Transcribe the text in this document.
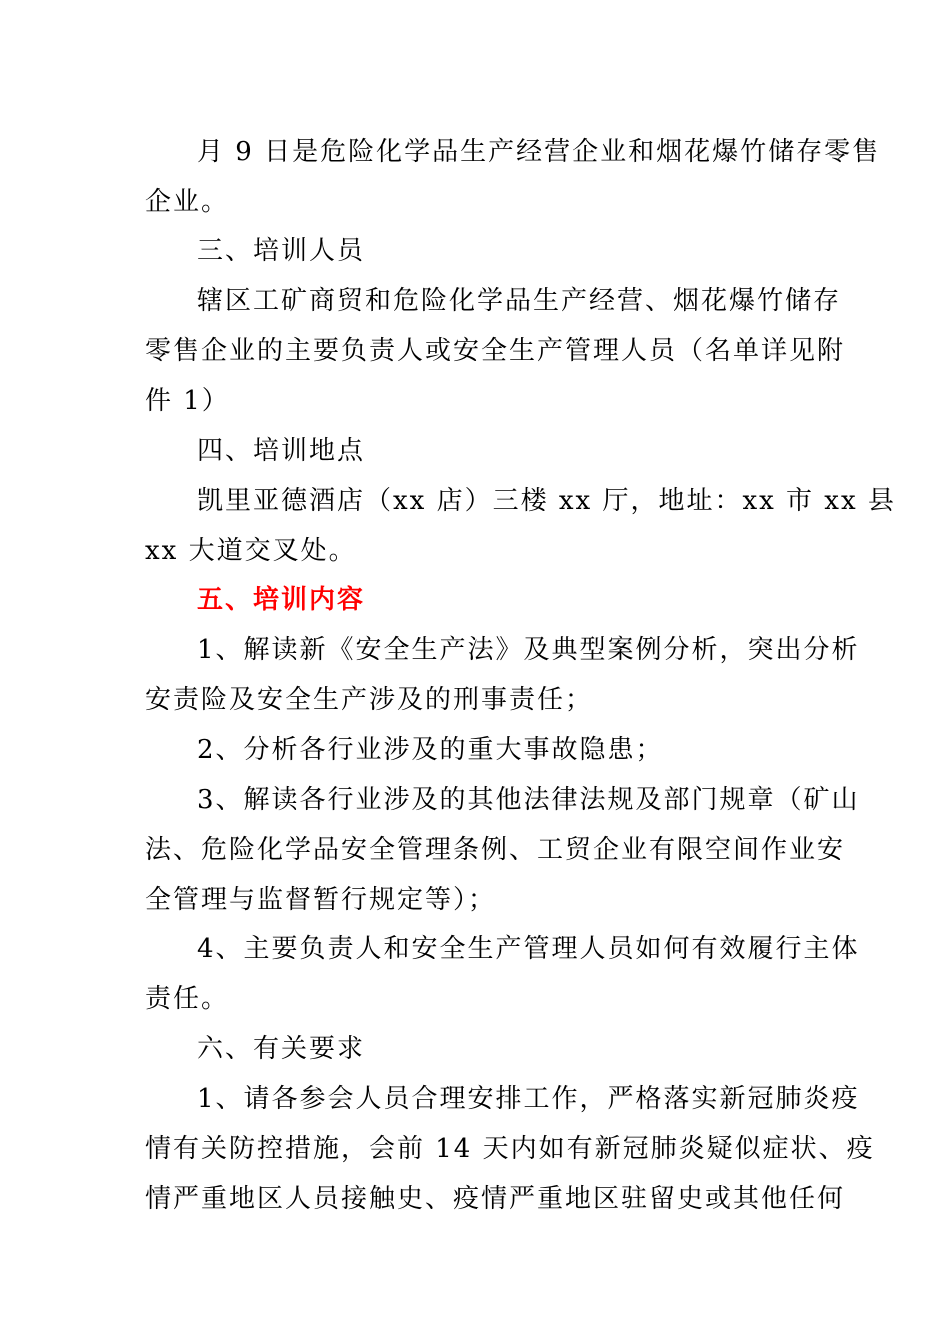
月 9 日是危险化学品生产经营企业和烟花爆竹储存零售
企业。
三、培训人员
辖区工矿商贸和危险化学品生产经营、烟花爆竹储存
零售企业的主要负责人或安全生产管理人员（名单详见附
件 1）
四、培训地点
凯里亚德酒店（xx 店）三楼 xx 厅，地址：xx 市 xx 县
xx 大道交叉处。
五、培训内容
1、解读新《安全生产法》及典型案例分析，突出分析
安责险及安全生产涉及的刑事责任；
2、分析各行业涉及的重大事故隐患；
3、解读各行业涉及的其他法律法规及部门规章（矿山
法、危险化学品安全管理条例、工贸企业有限空间作业安
全管理与监督暂行规定等）；
4、主要负责人和安全生产管理人员如何有效履行主体
责任。
六、有关要求
1、请各参会人员合理安排工作，严格落实新冠肺炎疫
情有关防控措施，会前 14 天内如有新冠肺炎疑似症状、疫
情严重地区人员接触史、疫情严重地区驻留史或其他任何
